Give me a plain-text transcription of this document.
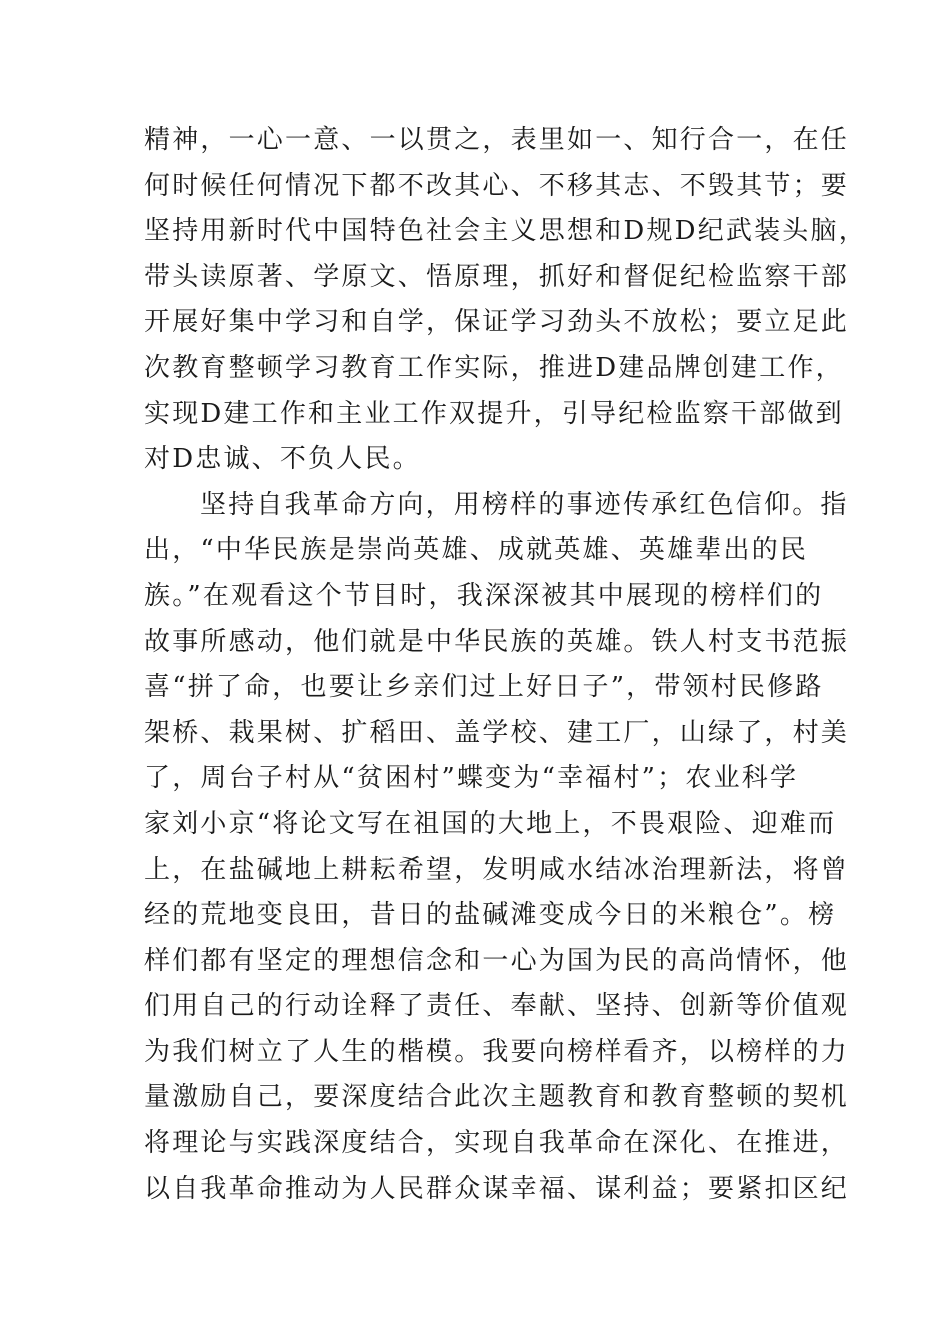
精神，一心一意、一以贯之，表里如一、知行合一，在任
何时候任何情况下都不改其心、不移其志、不毁其节；要
坚持用新时代中国特色社会主义思想和D规D纪武装头脑，
带头读原著、学原文、悟原理，抓好和督促纪检监察干部
开展好集中学习和自学，保证学习劲头不放松；要立足此
次教育整顿学习教育工作实际，推进D建品牌创建工作，
实现D建工作和主业工作双提升，引导纪检监察干部做到
对D忠诚、不负人民。
坚持自我革命方向，用榜样的事迹传承红色信仰。指
出，“中华民族是崇尚英雄、成就英雄、英雄辈出的民
族。”在观看这个节目时，我深深被其中展现的榜样们的
故事所感动，他们就是中华民族的英雄。铁人村支书范振
喜“拼了命，也要让乡亲们过上好日子”，带领村民修路
架桥、栽果树、扩稻田、盖学校、建工厂，山绿了，村美
了，周台子村从“贫困村”蝶变为“幸福村”；农业科学
家刘小京“将论文写在祖国的大地上，不畏艰险、迎难而
上，在盐碱地上耕耘希望，发明咸水结冰治理新法，将曾
经的荒地变良田，昔日的盐碱滩变成今日的米粮仓”。榜
样们都有坚定的理想信念和一心为国为民的高尚情怀，他
们用自己的行动诠释了责任、奉献、坚持、创新等价值观
为我们树立了人生的楷模。我要向榜样看齐，以榜样的力
量激励自己，要深度结合此次主题教育和教育整顿的契机
将理论与实践深度结合，实现自我革命在深化、在推进，
以自我革命推动为人民群众谋幸福、谋利益；要紧扣区纪
